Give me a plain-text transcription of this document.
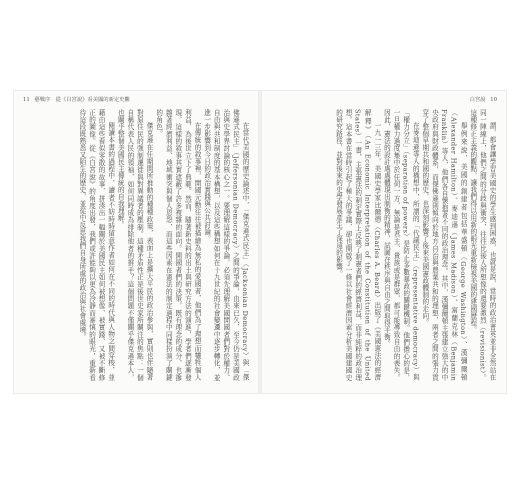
11 藝戰序　從《白宮說》看美國的新定史觀

在當代美國的歷史論述中，「傑克遜式民主」（Jacksonian Democracy）與「傑佛遜式民主」（Jeffersonian Democracy）之間的爭論，由來已久，至今仍是美國政治與史學界討論的核心之一。要理解這樣的爭論，必須先理解美國開國者們對於權力、自由與共和制度的基本構想，以及這些構想如何在十九世紀的社會變遷中逐步轉化，並進一步影響到今日的政治實踐與公共討論。

在傳統的敘事裡，開國元勳往往被描繪為無私的愛國者，他們為了理想而犧牲個人利益，為後世立下了典範。然而，隨著新史料的出土與研究方法的演進，學者們逐漸發現，這樣的敘事其實遮蔽了許多複雜的面向。開國者們的決策，既有理念的成分，也摻雜著經濟利益、地域衝突與個人恩怨，而這些因素在憲法的制定過程中同樣扮演了關鍵的角色。

傑克遜在任期間所推動的種種政策，表面上是擴大平民的政治參與，實則也伴隨著對原住民的強制遷徙與對異議者的壓制。這種矛盾性正是後世史家所關注的焦點：一個自稱代表人民的領袖，如何同時成為排除他者的推手？這個問題不僅關乎傑克遜本人，也關乎整個美國民主傳統的自我理解。

閱讀本書的過程中，讀者不妨時時留意作者如何在不同的時代與人物之間穿梭，並藉由這些看似零散的故事，拼湊出一幅關於美國民主如何被想像、被實踐、又被不斷修正的圖像。從《白宮說》的角度出發，我們或許能夠以更為冷靜而審慎的眼光，重新看待這段既熟悉又陌生的歷史，並從中反思我們自身所處的政治與社會處境。

白宮說 10

謂，都會讓學習美國史的學生感到困惑，也就是說，當時的政治菁英並非全然站在同一陣線上，他們之間的分歧與衝突，往往比後人所想像的還要激烈（revisionist）。這種修正主義的觀點，讓我們得以用新的眼光重新檢視美國的建國歷程。

舉例來說，美國的創建者包括華盛頓（George Washington）、漢彌爾頓（Alexander Hamilton）、麥迪遜（James Madison）、富蘭克林（Benjamin Franklin）等人，他們各自懷抱著不同的政治理念。其中，漢彌爾頓主張建立強大的中央政府與財政體系，而傑佛遜則傾向於地方自治與農業共和的理想，兩者之間的張力貫穿了整個早期共和國的歷史，也深刻影響了後來美國憲政體制的走向。

在麥迪遜等人的構想中，所謂的「代議民主」（representative democracy）與「權力分立」（separation of powers）是防止多數暴政的關鍵機制。他們擔心的是，一旦權力過度集中於任何一方，無論是君主、貴族或是群眾，都可能導致自由的喪失。因此，憲法的設計處處體現出制衡的精神，試圖在秩序與自由之間取得平衡。

一九一三年，美國史學家比爾德（Charles A. Beard）出版了《美國憲法的經濟解釋》（An Economic Interpretation of the Constitution of the United States）一書，主張憲法的制定實際上反映了制憲者們的經濟利益，而非純粹的政治理想。這本書在當時引起了極大的爭議，卻也開啟了一條以社會經濟因素分析美國建國史的研究路徑，並對後來的史學發展產生了深遠的影響。
